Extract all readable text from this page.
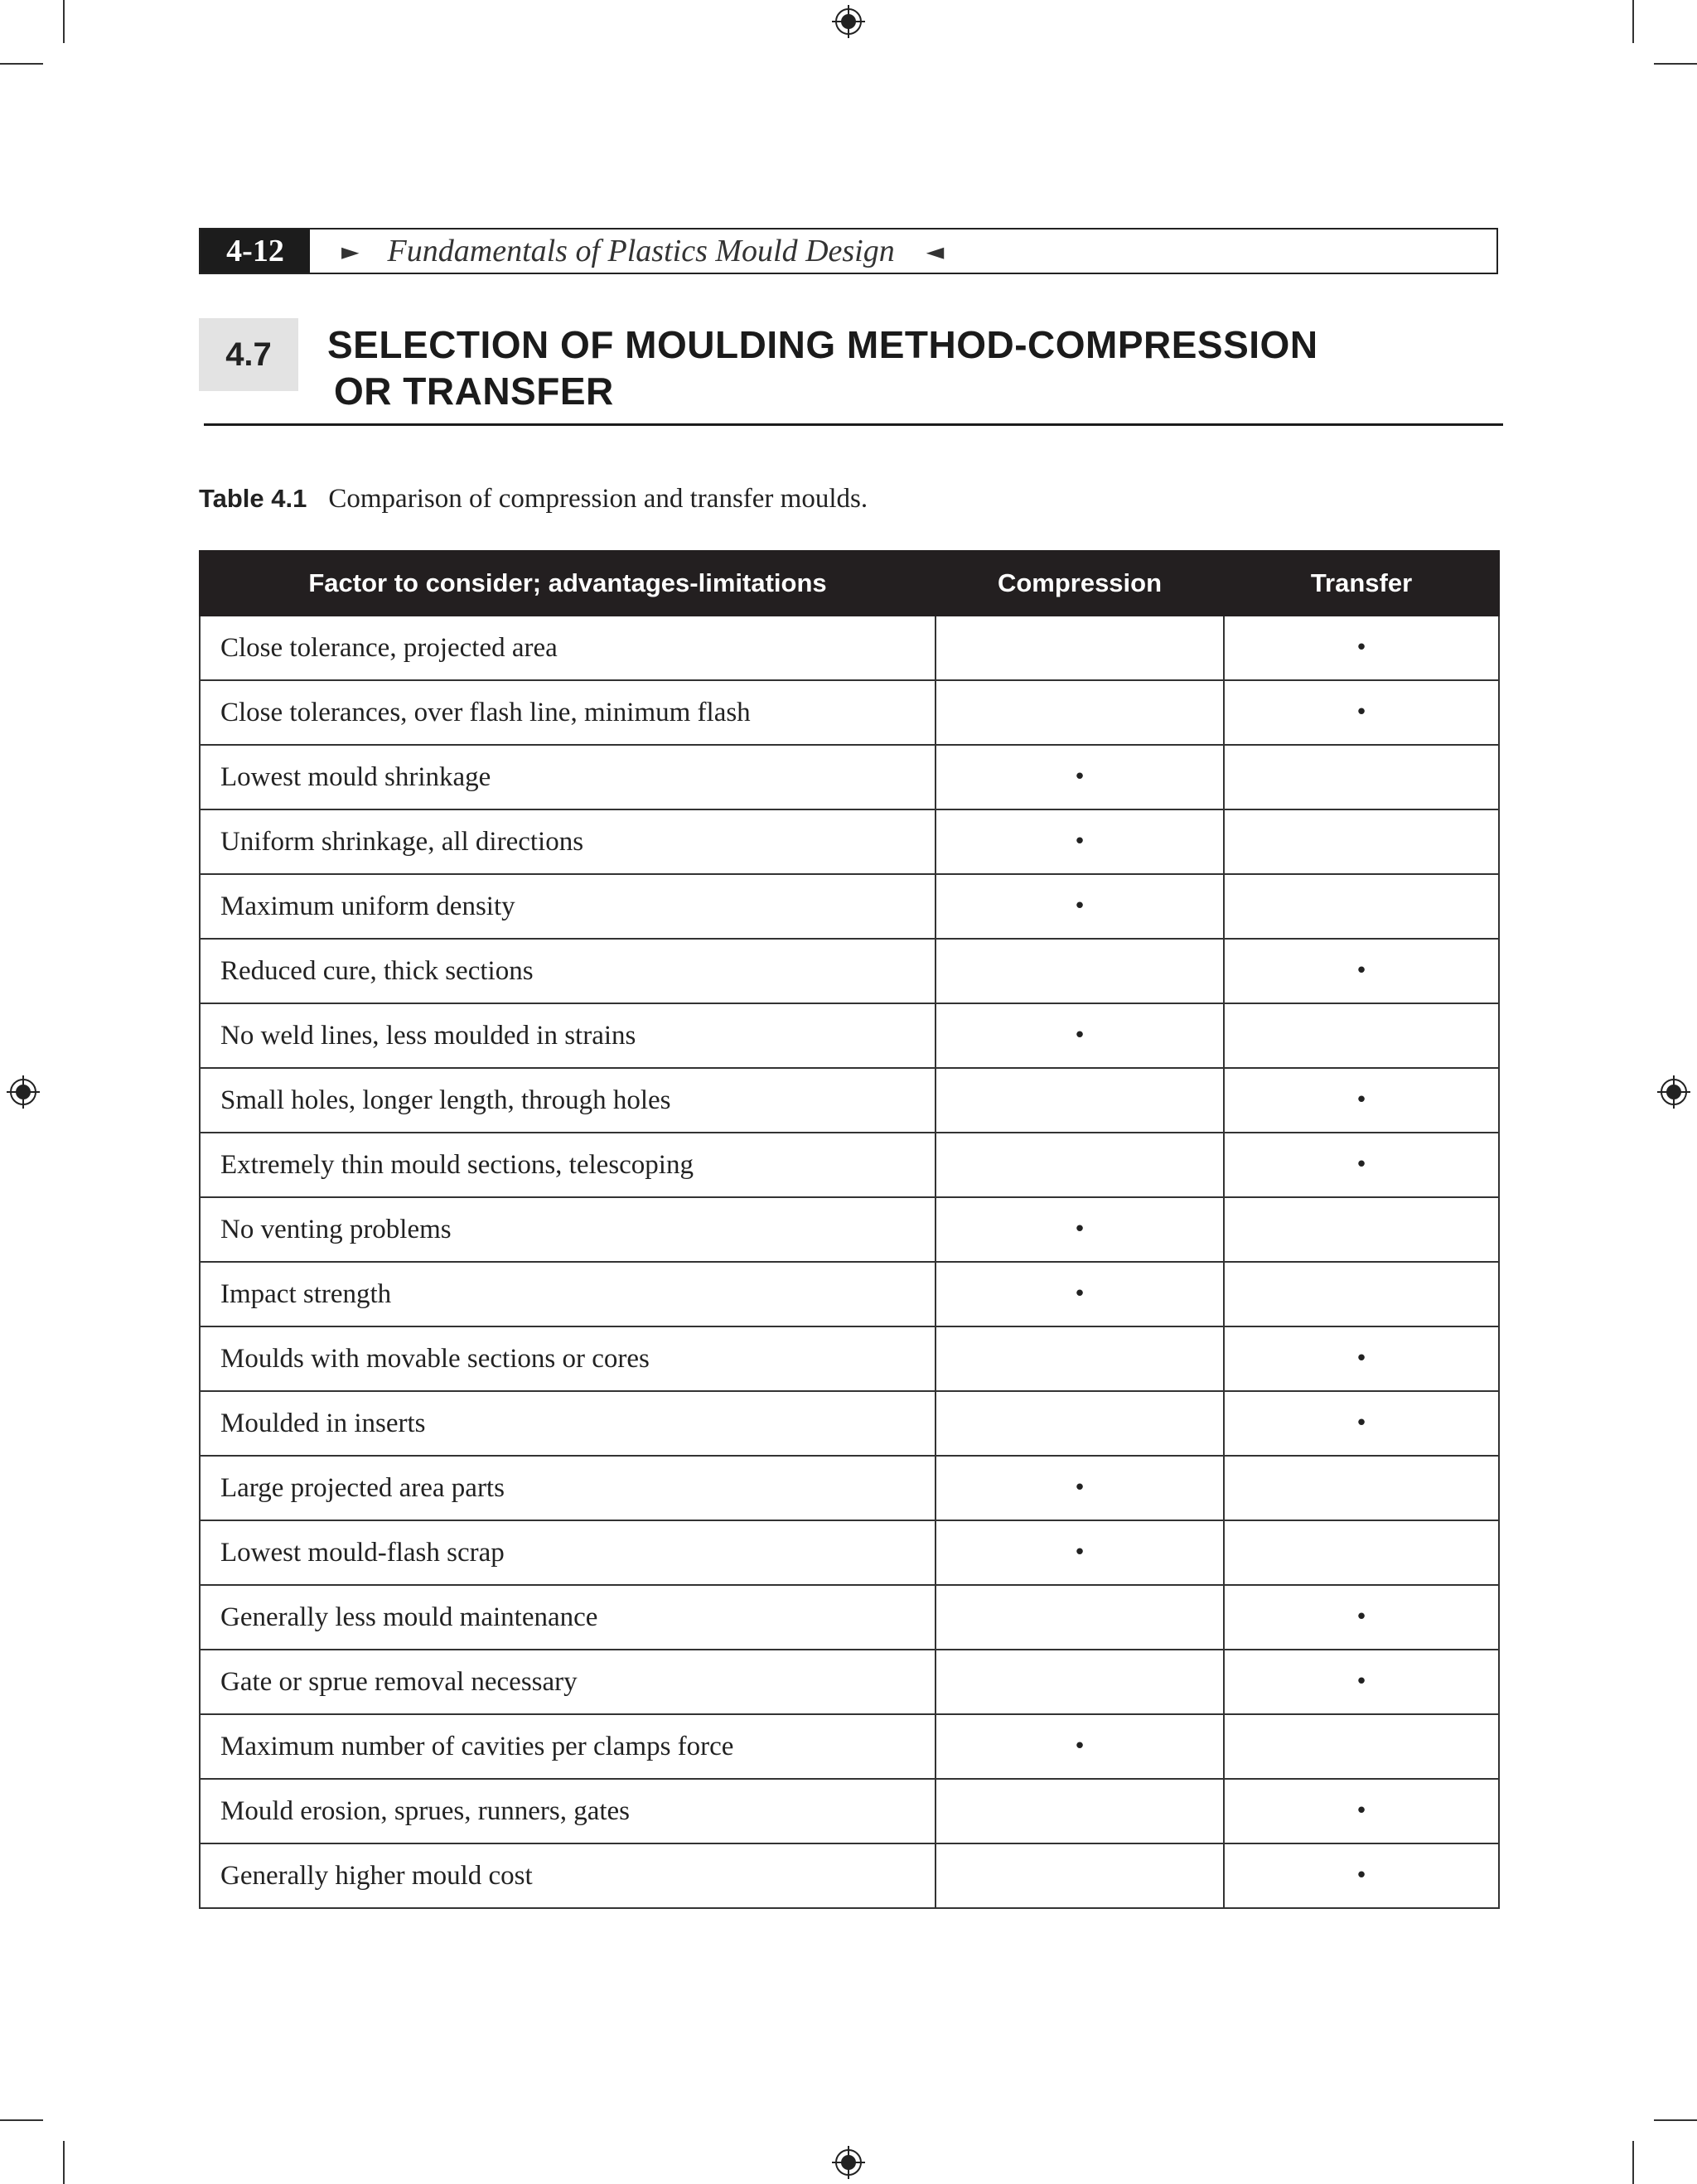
4-12	► Fundamentals of Plastics Mould Design ◄
4.7	SELECTION OF MOULDING METHOD-COMPRESSION
OR TRANSFER
Table 4.1 Comparison of compression and transfer moulds.
Factor to consider; advantages-limitations	Compression	Transfer
Close tolerance, projected area		•
Close tolerances, over flash line, minimum flash		•
Lowest mould shrinkage	•	
Uniform shrinkage, all directions	•	
Maximum uniform density	•	
Reduced cure, thick sections		•
No weld lines, less moulded in strains	•	
Small holes, longer length, through holes		•
Extremely thin mould sections, telescoping		•
No venting problems	•	
Impact strength	•	
Moulds with movable sections or cores		•
Moulded in inserts		•
Large projected area parts	•	
Lowest mould-flash scrap	•	
Generally less mould maintenance		•
Gate or sprue removal necessary		•
Maximum number of cavities per clamps force	•	
Mould erosion, sprues, runners, gates		•
Generally higher mould cost		•
